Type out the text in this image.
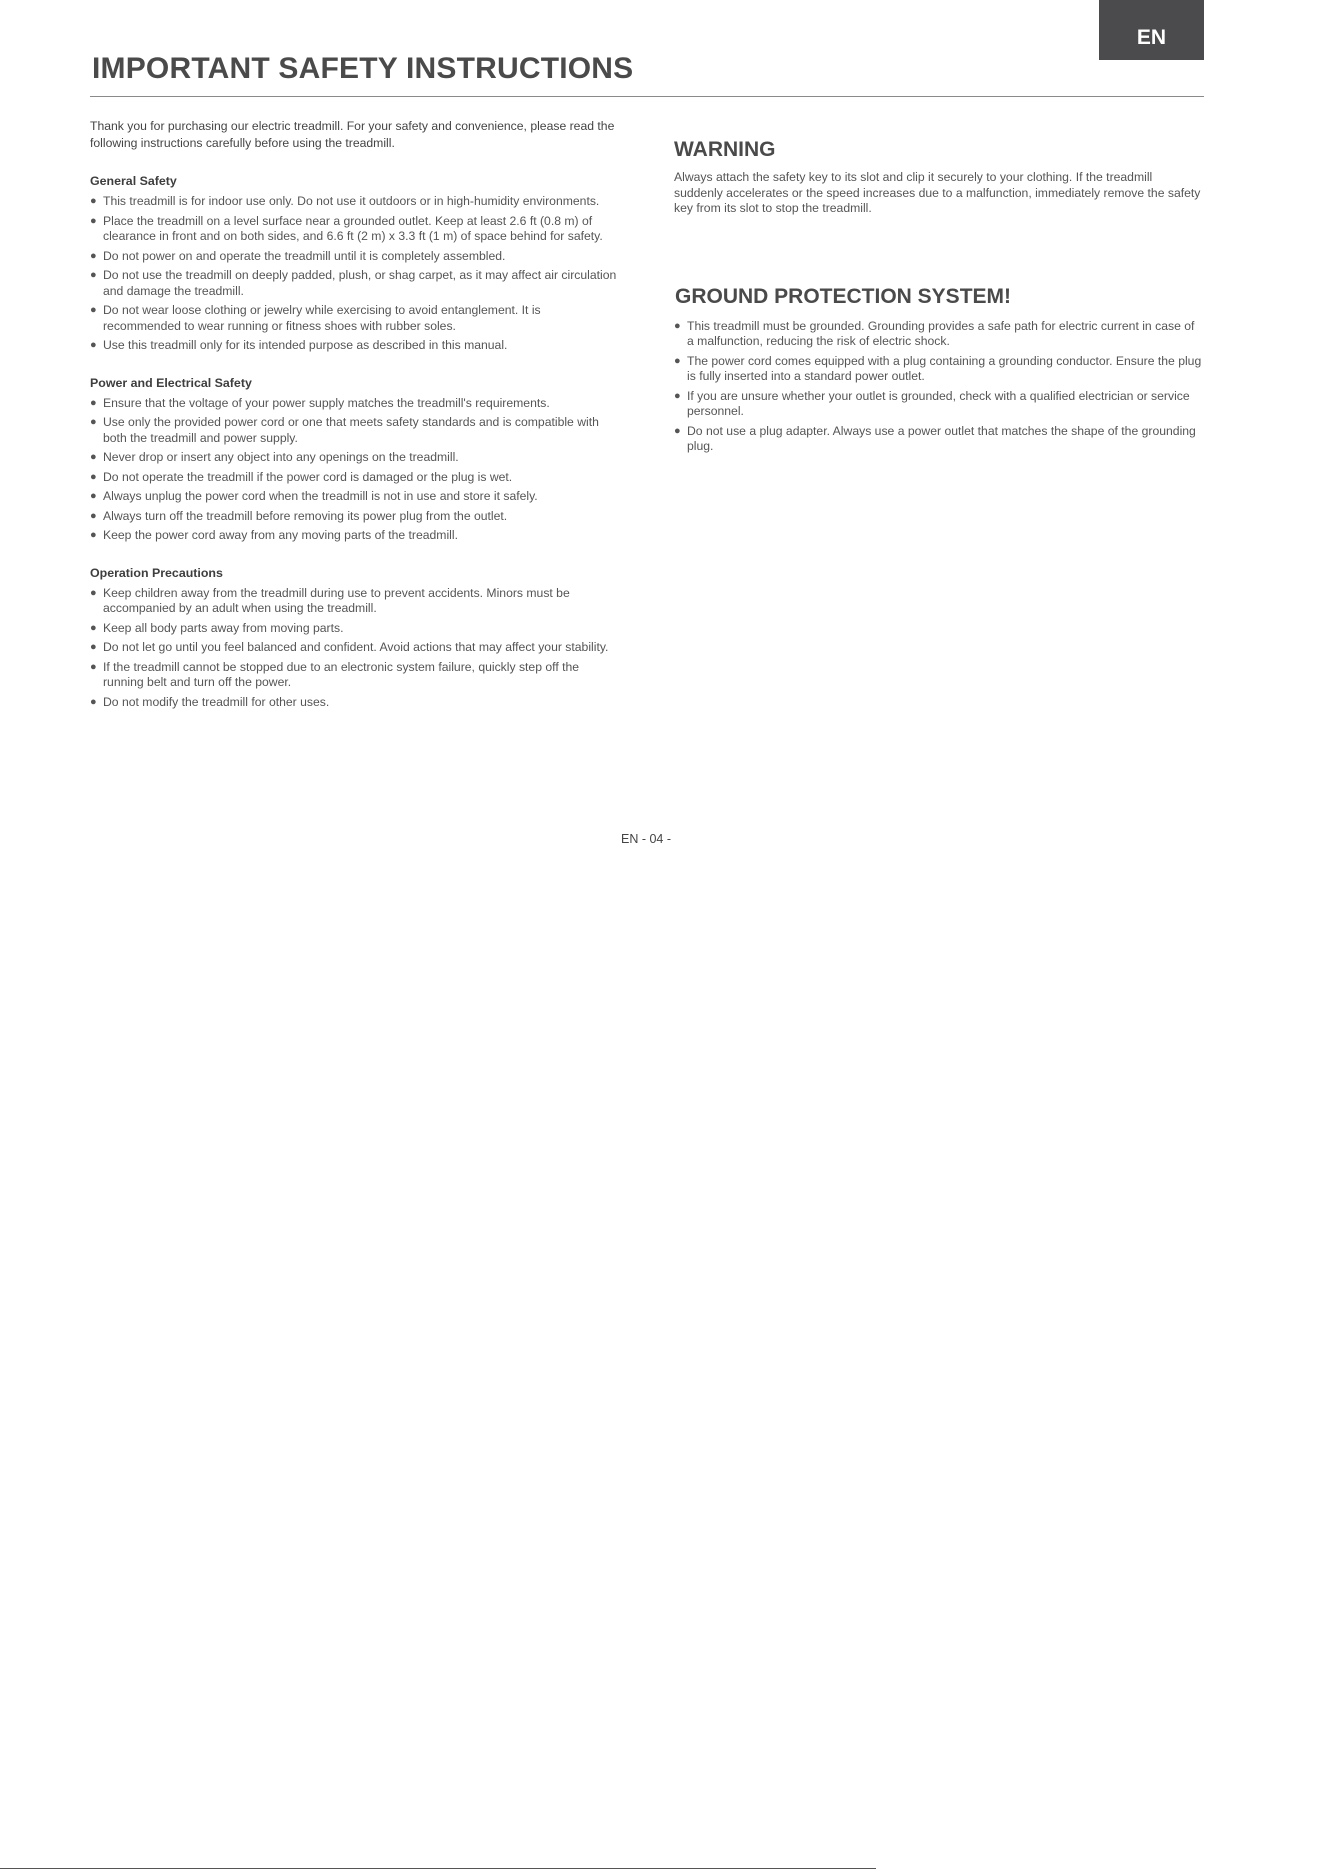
EN
IMPORTANT SAFETY INSTRUCTIONS

Thank you for purchasing our electric treadmill. For your safety and convenience, please read the following instructions carefully before using the treadmill.

General Safety
● This treadmill is for indoor use only. Do not use it outdoors or in high-humidity environments.
● Place the treadmill on a level surface near a grounded outlet. Keep at least 2.6 ft (0.8 m) of clearance in front and on both sides, and 6.6 ft (2 m) x 3.3 ft (1 m) of space behind for safety.
● Do not power on and operate the treadmill until it is completely assembled.
● Do not use the treadmill on deeply padded, plush, or shag carpet, as it may affect air circulation and damage the treadmill.
● Do not wear loose clothing or jewelry while exercising to avoid entanglement. It is recommended to wear running or fitness shoes with rubber soles.
● Use this treadmill only for its intended purpose as described in this manual.
Power and Electrical Safety
● Ensure that the voltage of your power supply matches the treadmill's requirements.
● Use only the provided power cord or one that meets safety standards and is compatible with both the treadmill and power supply.
● Never drop or insert any object into any openings on the treadmill.
● Do not operate the treadmill if the power cord is damaged or the plug is wet.
● Always unplug the power cord when the treadmill is not in use and store it safely.
● Always turn off the treadmill before removing its power plug from the outlet.
● Keep the power cord away from any moving parts of the treadmill.
Operation Precautions
● Keep children away from the treadmill during use to prevent accidents. Minors must be accompanied by an adult when using the treadmill.
● Keep all body parts away from moving parts.
● Do not let go until you feel balanced and confident. Avoid actions that may affect your stability.
● If the treadmill cannot be stopped due to an electronic system failure, quickly step off the running belt and turn off the power.
● Do not modify the treadmill for other uses.
WARNING

Always attach the safety key to its slot and clip it securely to your clothing. If the treadmill suddenly accelerates or the speed increases due to a malfunction, immediately remove the safety key from its slot to stop the treadmill.

GROUND PROTECTION SYSTEM!
● This treadmill must be grounded. Grounding provides a safe path for electric current in case of a malfunction, reducing the risk of electric shock.
● The power cord comes equipped with a plug containing a grounding conductor. Ensure the plug is fully inserted into a standard power outlet.
● If you are unsure whether your outlet is grounded, check with a qualified electrician or service personnel.
● Do not use a plug adapter. Always use a power outlet that matches the shape of the grounding plug.
EN - 04 -
